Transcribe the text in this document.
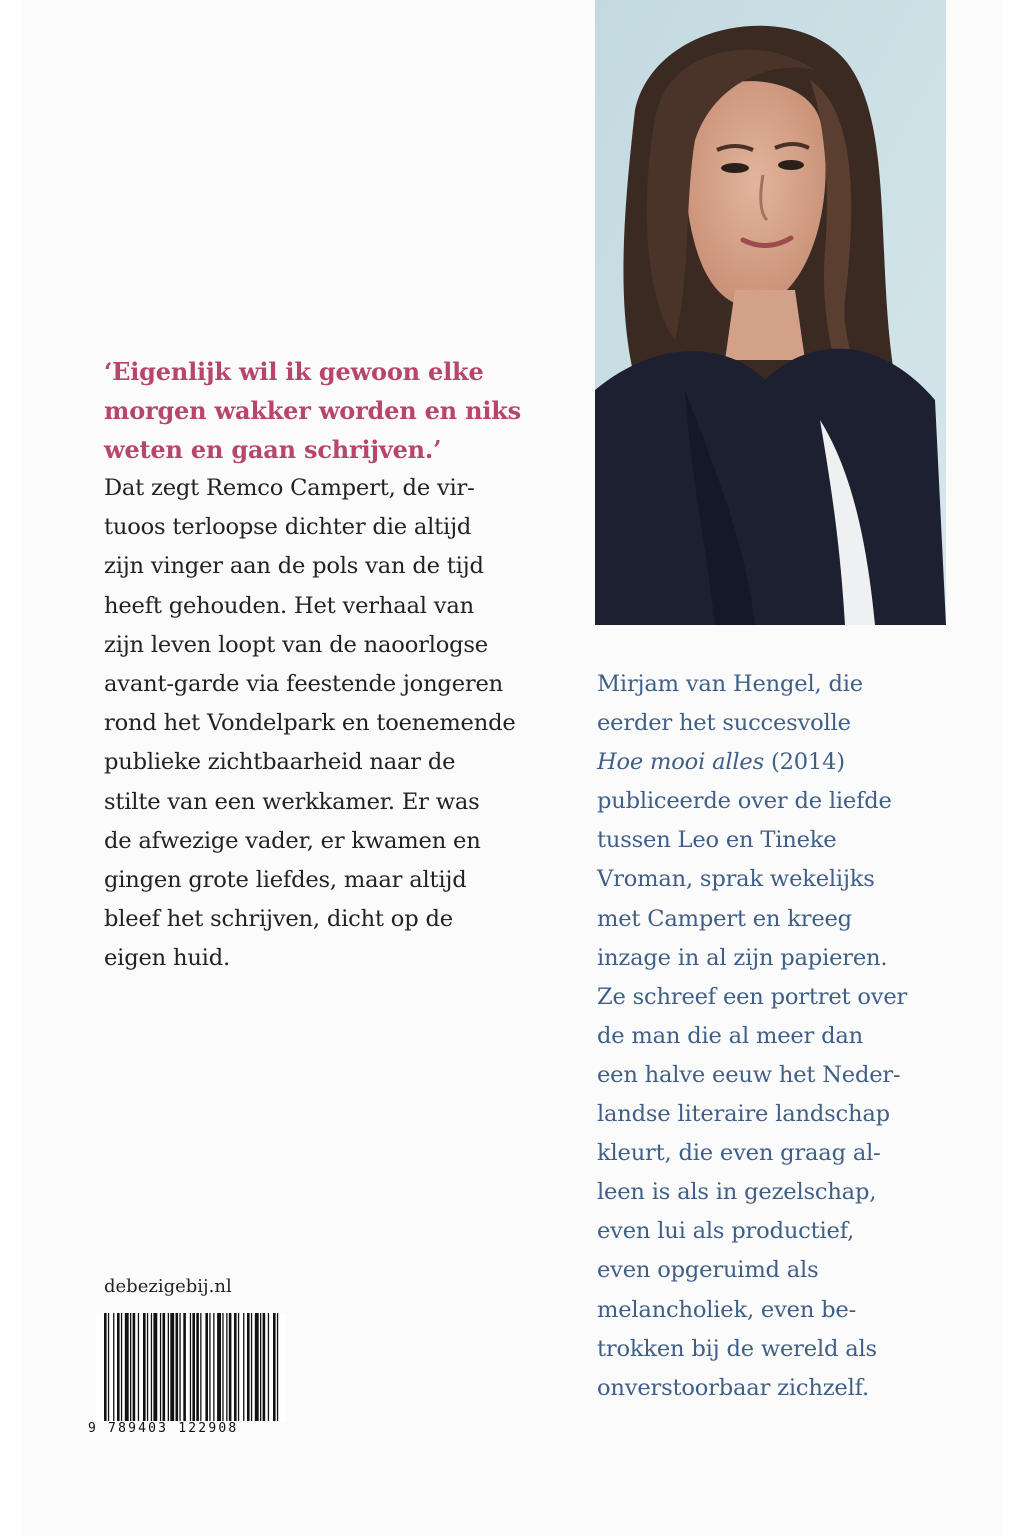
‘Eigenlijk wil ik gewoon elke
morgen wakker worden en niks
weten en gaan schrijven.’
Dat zegt Remco Campert, de vir-
tuoos terloopse dichter die altijd
zijn vinger aan de pols van de tijd
heeft gehouden. Het verhaal van
zijn leven loopt van de naoorlogse
avant-garde via feestende jongeren
rond het Vondelpark en toenemende
publieke zichtbaarheid naar de
stilte van een werkkamer. Er was
de afwezige vader, er kwamen en
gingen grote liefdes, maar altijd
bleef het schrijven, dicht op de
eigen huid.
Mirjam van Hengel, die
eerder het succesvolle
Hoe mooi alles (2014)
publiceerde over de liefde
tussen Leo en Tineke
Vroman, sprak wekelijks
met Campert en kreeg
inzage in al zijn papieren.
Ze schreef een portret over
de man die al meer dan
een halve eeuw het Neder-
landse literaire landschap
kleurt, die even graag al-
leen is als in gezelschap,
even lui als productief,
even opgeruimd als
melancholiek, even be-
trokken bij de wereld als
onverstoorbaar zichzelf.
debezigebij.nl
9 789403 122908
